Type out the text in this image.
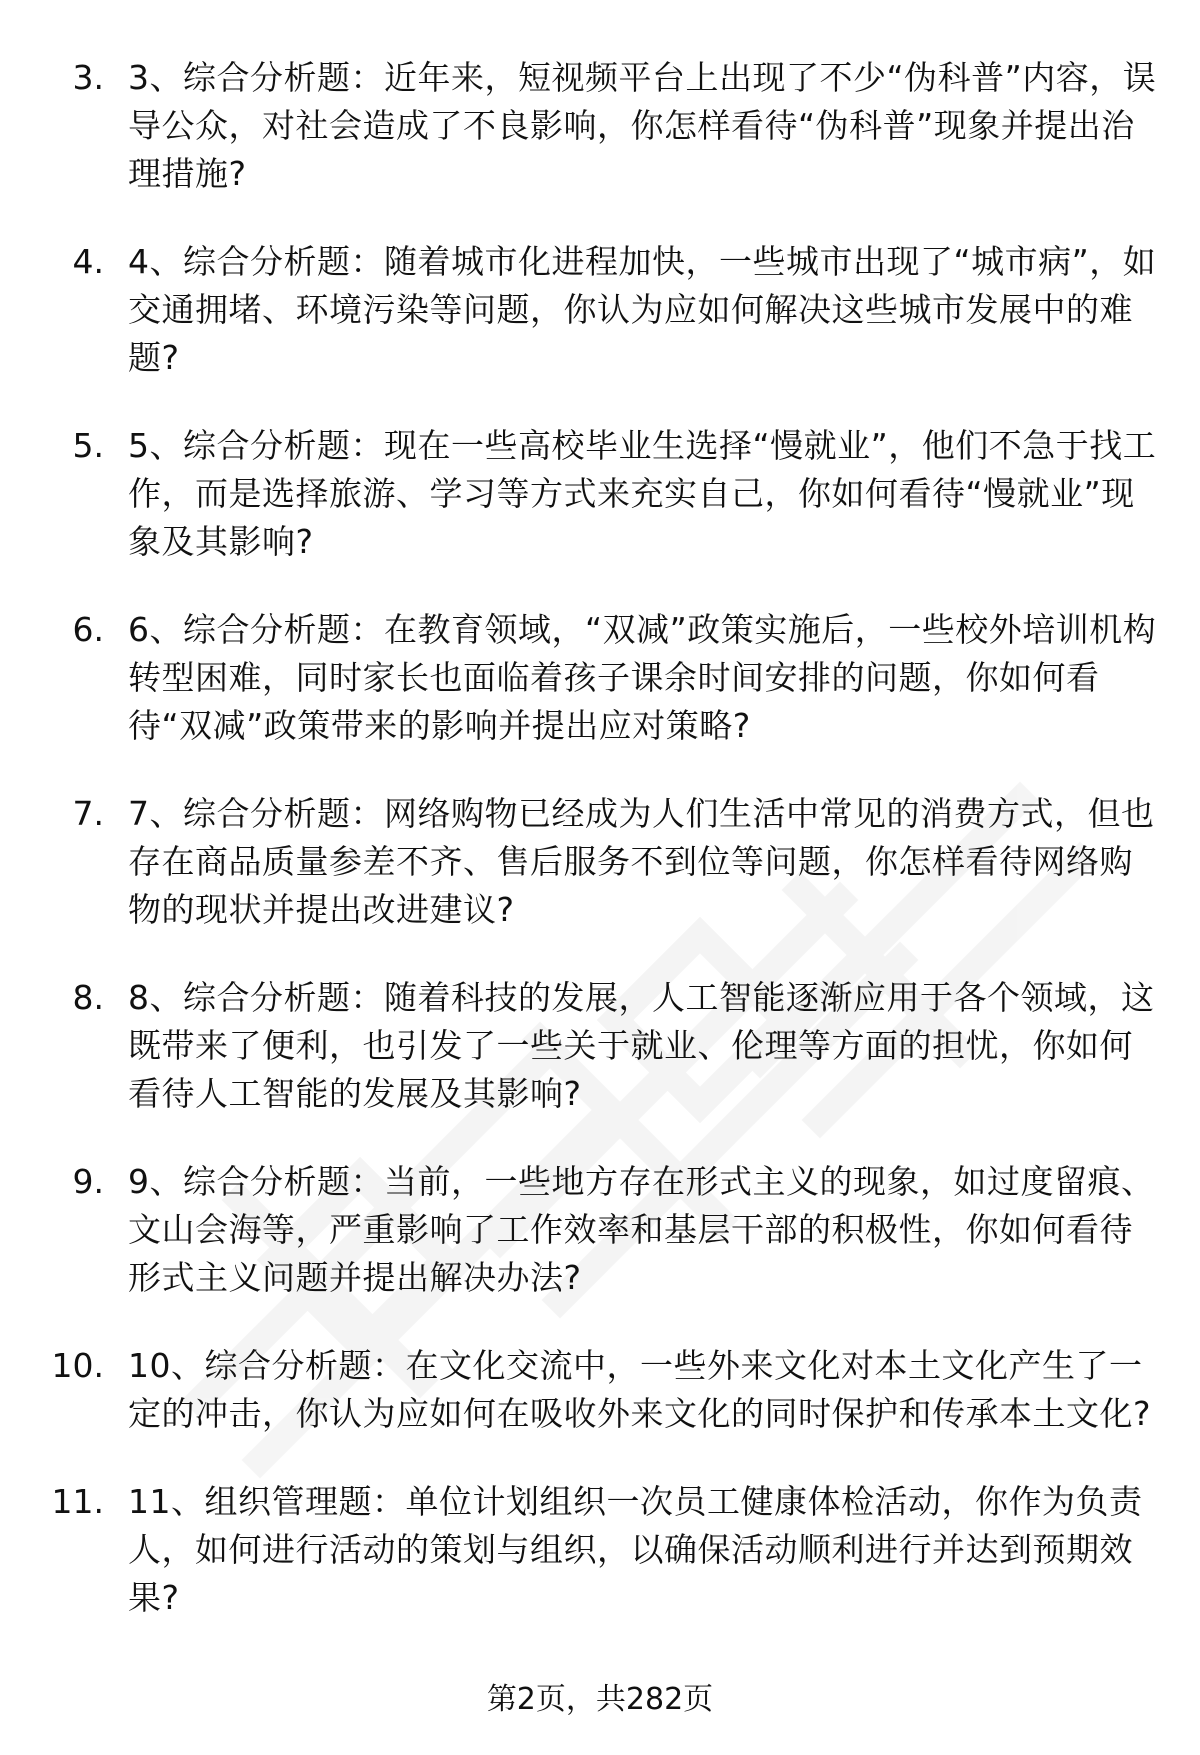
3. 3、综合分析题：近年来，短视频平台上出现了不少“伪科普”内容，误导公众，对社会造成了不良影响，你怎样看待“伪科普”现象并提出治理措施?
4. 4、综合分析题：随着城市化进程加快，一些城市出现了“城市病”，如交通拥堵、环境污染等问题，你认为应如何解决这些城市发展中的难题?
5. 5、综合分析题：现在一些高校毕业生选择“慢就业”，他们不急于找工作，而是选择旅游、学习等方式来充实自己，你如何看待“慢就业”现象及其影响?
6. 6、综合分析题：在教育领域，“双减”政策实施后，一些校外培训机构转型困难，同时家长也面临着孩子课余时间安排的问题，你如何看待“双减”政策带来的影响并提出应对策略?
7. 7、综合分析题：网络购物已经成为人们生活中常见的消费方式，但也存在商品质量参差不齐、售后服务不到位等问题，你怎样看待网络购物的现状并提出改进建议?
8. 8、综合分析题：随着科技的发展，人工智能逐渐应用于各个领域，这既带来了便利，也引发了一些关于就业、伦理等方面的担忧，你如何看待人工智能的发展及其影响?
9. 9、综合分析题：当前，一些地方存在形式主义的现象，如过度留痕、文山会海等，严重影响了工作效率和基层干部的积极性，你如何看待形式主义问题并提出解决办法?
10. 10、综合分析题：在文化交流中，一些外来文化对本土文化产生了一定的冲击，你认为应如何在吸收外来文化的同时保护和传承本土文化?
11. 11、组织管理题：单位计划组织一次员工健康体检活动，你作为负责人，如何进行活动的策划与组织，以确保活动顺利进行并达到预期效果?
第2页，共282页
